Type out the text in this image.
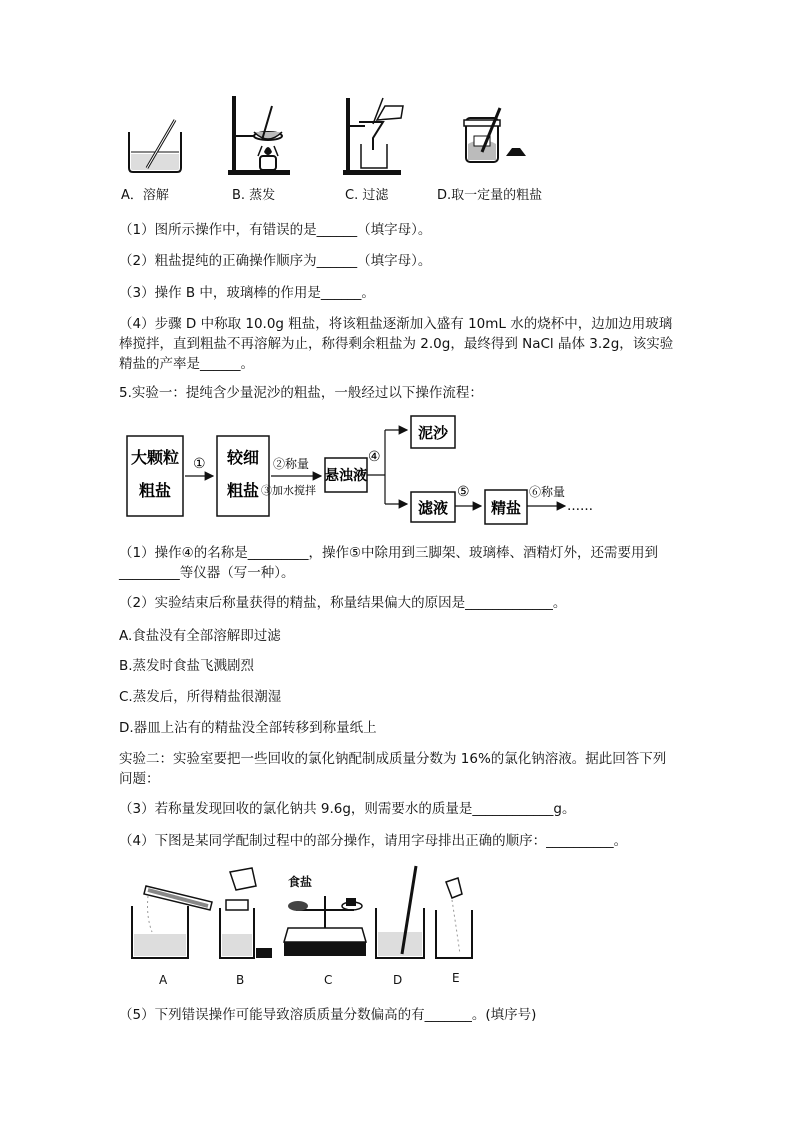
A．溶解	B. 蒸发	C. 过滤	D.取一定量的粗盐
（1）图所示操作中，有错误的是______（填字母）。
（2）粗盐提纯的正确操作顺序为______（填字母）。
（3）操作 B 中，玻璃棒的作用是______。
（4）步骤 D 中称取 10.0g 粗盐，将该粗盐逐渐加入盛有 10mL 水的烧杯中，边加边用玻璃棒搅拌，直到粗盐不再溶解为止，称得剩余粗盐为 2.0g，最终得到 NaCl 晶体 3.2g，该实验精盐的产率是______。
5.实验一：提纯含少量泥沙的粗盐，一般经过以下操作流程：
大颗粒
粗盐
① 较细
粗盐
②称量
③加水搅拌
悬浊液
④
泥沙
滤液
⑤
精盐
⑥称量
……
（1）操作④的名称是_________，操作⑤中除用到三脚架、玻璃棒、酒精灯外，还需要用到_________等仪器（写一种）。
（2）实验结束后称量获得的精盐，称量结果偏大的原因是_____________。
A.食盐没有全部溶解即过滤
B.蒸发时食盐飞溅剧烈
C.蒸发后，所得精盐很潮湿
D.器皿上沾有的精盐没全部转移到称量纸上
实验二：实验室要把一些回收的氯化钠配制成质量分数为 16%的氯化钠溶液。据此回答下列问题：
（3）若称量发现回收的氯化钠共 9.6g，则需要水的质量是____________g。
（4）下图是某同学配制过程中的部分操作，请用字母排出正确的顺序：__________。
食盐
A	B	C	D	E
（5）下列错误操作可能导致溶质质量分数偏高的有_______。(填序号)
